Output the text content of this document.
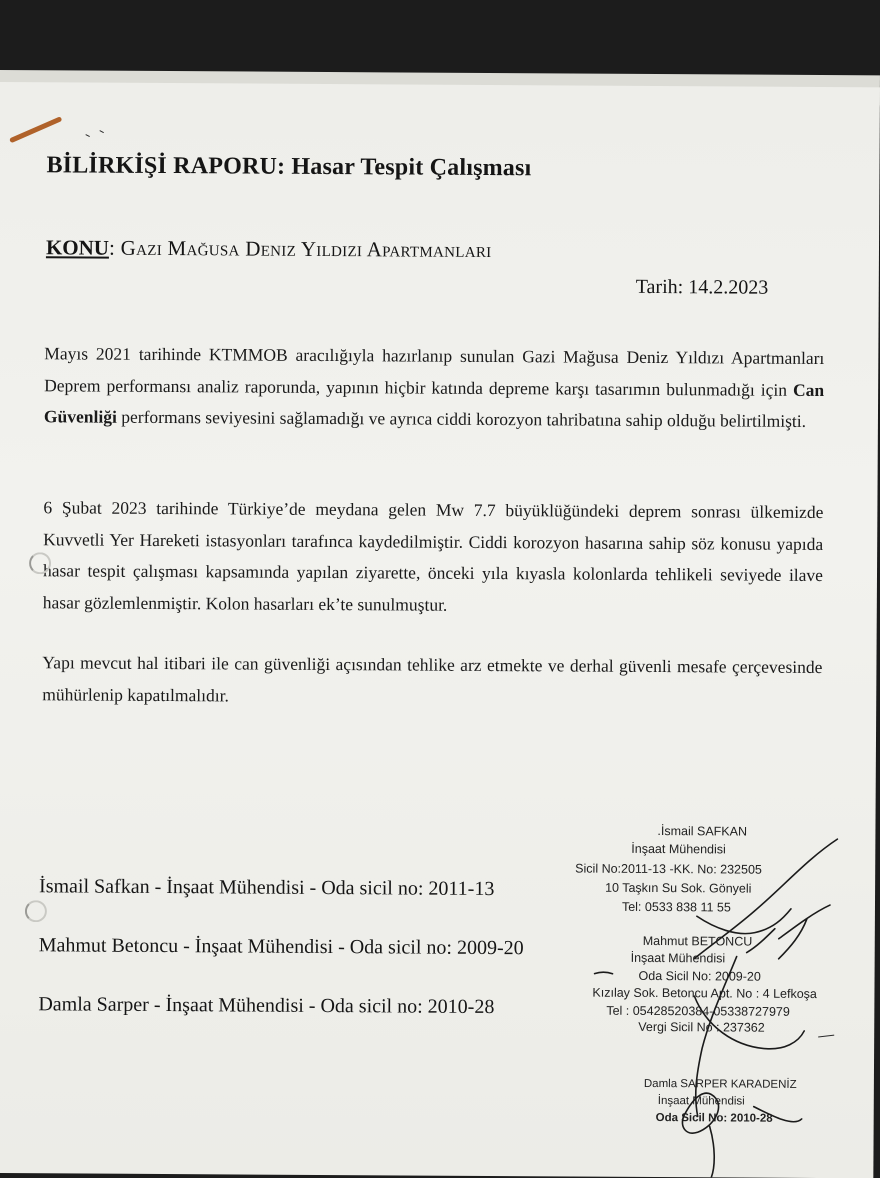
BİLİRKİŞİ RAPORU: Hasar Tespit Çalışması
KONU: Gazi Mağusa Deniz Yıldızı Apartmanları
Tarih: 14.2.2023
Mayıs 2021 tarihinde KTMMOB aracılığıyla hazırlanıp sunulan Gazi Mağusa Deniz Yıldızı Apartmanları Deprem performansı analiz raporunda, yapının hiçbir katında depreme karşı tasarımın bulunmadığı için Can Güvenliği performans seviyesini sağlamadığı ve ayrıca ciddi korozyon tahribatına sahip olduğu belirtilmişti.
6 Şubat 2023 tarihinde Türkiye’de meydana gelen Mw 7.7 büyüklüğündeki deprem sonrası ülkemizde Kuvvetli Yer Hareketi istasyonları tarafınca kaydedilmiştir. Ciddi korozyon hasarına sahip söz konusu yapıda hasar tespit çalışması kapsamında yapılan ziyarette, önceki yıla kıyasla kolonlarda tehlikeli seviyede ilave hasar gözlemlenmiştir. Kolon hasarları ek’te sunulmuştur.
Yapı mevcut hal itibari ile can güvenliği açısından tehlike arz etmekte ve derhal güvenli mesafe çerçevesinde mühürlenip kapatılmalıdır.
İsmail Safkan - İnşaat Mühendisi - Oda sicil no: 2011-13
Mahmut Betoncu - İnşaat Mühendisi - Oda sicil no: 2009-20
Damla Sarper - İnşaat Mühendisi - Oda sicil no: 2010-28
.İsmail SAFKAN
İnşaat Mühendisi
Sicil No:2011-13 -KK. No: 232505
10 Taşkın Su Sok. Gönyeli
Tel: 0533 838 11 55
Mahmut BETONCU
İnşaat Mühendisi
Oda Sicil No: 2009-20
Kızılay Sok. Betoncu Apt. No : 4 Lefkoşa
Tel : 05428520384-05338727979
Vergi Sicil No : 237362
Damla SARPER KARADENİZ
İnşaat Mühendisi
Oda Sicil No: 2010-28
